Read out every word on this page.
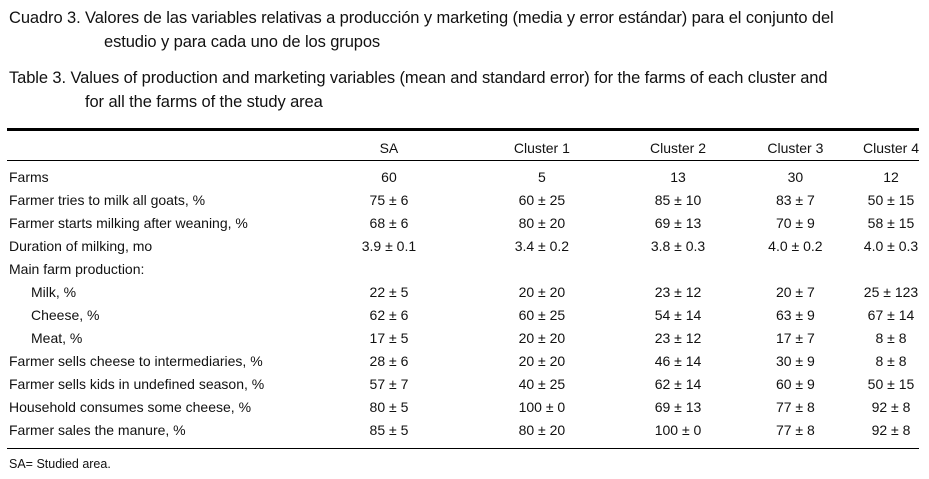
Cuadro 3. Valores de las variables relativas a producción y marketing (media y error estándar) para el conjunto del
estudio y para cada uno de los grupos
Table 3. Values of production and marketing variables (mean and standard error) for the farms of each cluster and
for all the farms of the study area
	SA	Cluster 1	Cluster 2	Cluster 3	Cluster 4
Farms	60	5	13	30	12
Farmer tries to milk all goats, %	75 ± 6	60 ± 25	85 ± 10	83 ± 7	50 ± 15
Farmer starts milking after weaning, %	68 ± 6	80 ± 20	69 ± 13	70 ± 9	58 ± 15
Duration of milking, mo	3.9 ± 0.1	3.4 ± 0.2	3.8 ± 0.3	4.0 ± 0.2	4.0 ± 0.3
Main farm production:					
Milk, %	22 ± 5	20 ± 20	23 ± 12	20 ± 7	25 ± 123
Cheese, %	62 ± 6	60 ± 25	54 ± 14	63 ± 9	67 ± 14
Meat, %	17 ± 5	20 ± 20	23 ± 12	17 ± 7	8 ± 8
Farmer sells cheese to intermediaries, %	28 ± 6	20 ± 20	46 ± 14	30 ± 9	8 ± 8
Farmer sells kids in undefined season, %	57 ± 7	40 ± 25	62 ± 14	60 ± 9	50 ± 15
Household consumes some cheese, %	80 ± 5	100 ± 0	69 ± 13	77 ± 8	92 ± 8
Farmer sales the manure, %	85 ± 5	80 ± 20	100 ± 0	77 ± 8	92 ± 8
SA= Studied area.
